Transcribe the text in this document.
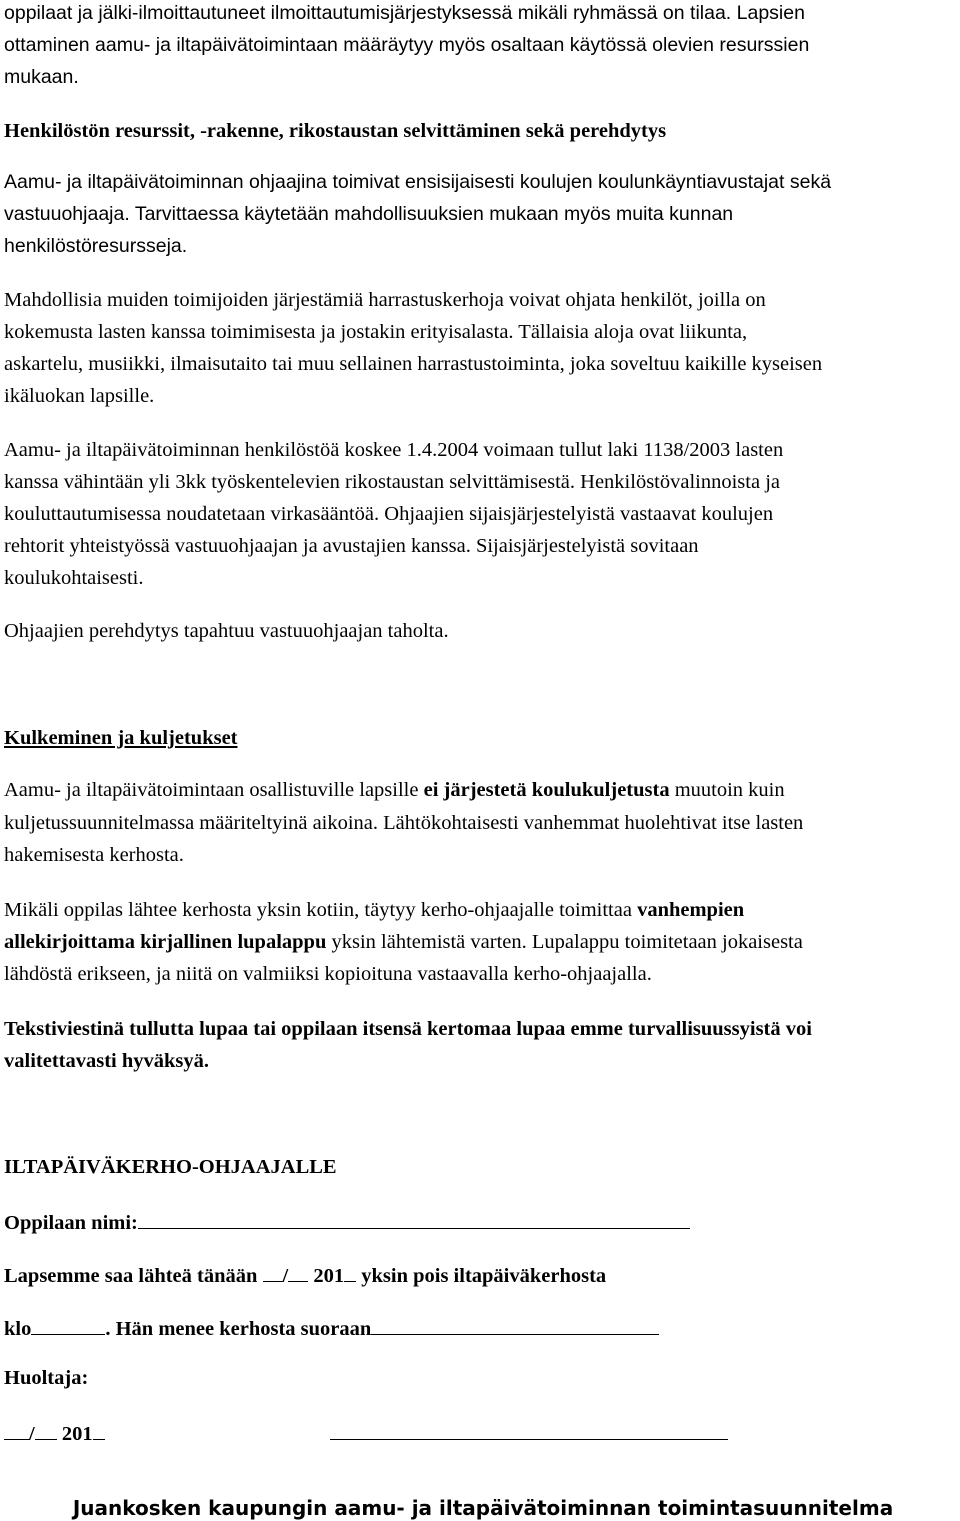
oppilaat ja jälki-ilmoittautuneet ilmoittautumisjärjestyksessä mikäli ryhmässä on tilaa. Lapsien
ottaminen aamu- ja iltapäivätoimintaan määräytyy myös osaltaan käytössä olevien resurssien
mukaan.
Henkilöstön resurssit, -rakenne, rikostaustan selvittäminen sekä perehdytys
Aamu- ja iltapäivätoiminnan ohjaajina toimivat ensisijaisesti koulujen koulunkäyntiavustajat sekä
vastuuohjaaja. Tarvittaessa käytetään mahdollisuuksien mukaan myös muita kunnan
henkilöstöresursseja.
Mahdollisia muiden toimijoiden järjestämiä harrastuskerhoja voivat ohjata henkilöt, joilla on
kokemusta lasten kanssa toimimisesta ja jostakin erityisalasta. Tällaisia aloja ovat liikunta,
askartelu, musiikki, ilmaisutaito tai muu sellainen harrastustoiminta, joka soveltuu kaikille kyseisen
ikäluokan lapsille.
Aamu- ja iltapäivätoiminnan henkilöstöä koskee 1.4.2004 voimaan tullut laki 1138/2003 lasten
kanssa vähintään yli 3kk työskentelevien rikostaustan selvittämisestä. Henkilöstövalinnoista ja
kouluttautumisessa noudatetaan virkasääntöä. Ohjaajien sijaisjärjestelyistä vastaavat koulujen
rehtorit yhteistyössä vastuuohjaajan ja avustajien kanssa. Sijaisjärjestelyistä sovitaan
koulukohtaisesti.
Ohjaajien perehdytys tapahtuu vastuuohjaajan taholta.
Kulkeminen ja kuljetukset
Aamu- ja iltapäivätoimintaan osallistuville lapsille ei järjestetä koulukuljetusta muutoin kuin
kuljetussuunnitelmassa määriteltyinä aikoina. Lähtökohtaisesti vanhemmat huolehtivat itse lasten
hakemisesta kerhosta.
Mikäli oppilas lähtee kerhosta yksin kotiin, täytyy kerho-ohjaajalle toimittaa vanhempien
allekirjoittama kirjallinen lupalappu yksin lähtemistä varten. Lupalappu toimitetaan jokaisesta
lähdöstä erikseen, ja niitä on valmiiksi kopioituna vastaavalla kerho-ohjaajalla.
Tekstiviestinä tullutta lupaa tai oppilaan itsensä kertomaa lupaa emme turvallisuussyistä voi
valitettavasti hyväksyä.
ILTAPÄIVÄKERHO-OHJAAJALLE
Oppilaan nimi:
Lapsemme saa lähteä tänään / 201 yksin pois iltapäiväkerhosta
klo	. Hän menee kerhosta suoraan
Huoltaja:
/ 201
Juankosken kaupungin aamu- ja iltapäivätoiminnan toimintasuunnitelma
